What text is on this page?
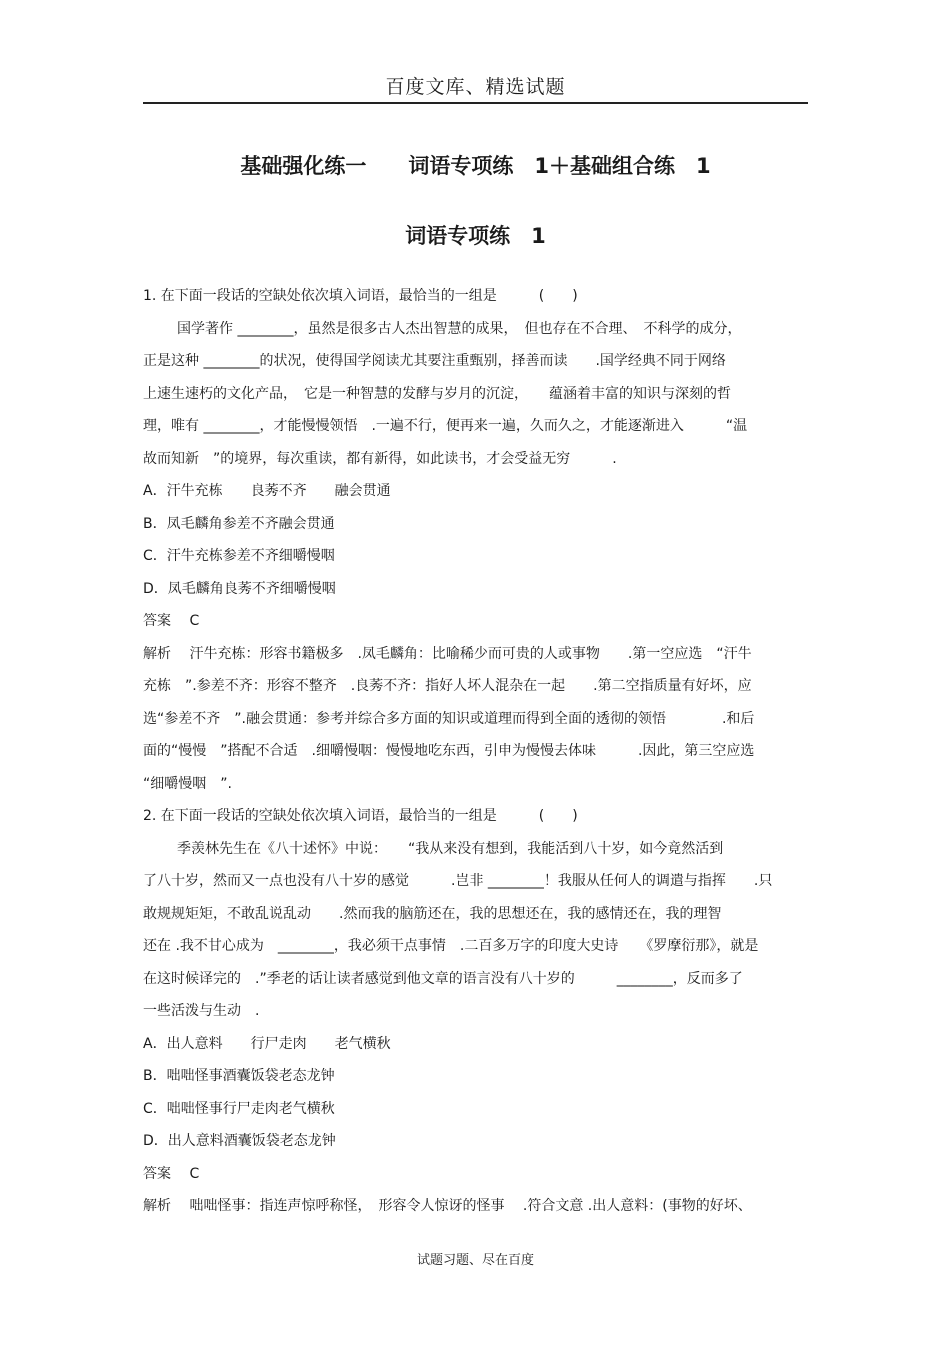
百度文库、精选试题
基础强化练一　　词语专项练　1＋基础组合练　1
词语专项练　1
1. 在下面一段话的空缺处依次填入词语，最恰当的一组是　　　(　　)
国学著作 ________，虽然是很多古人杰出智慧的成果，　但也存在不合理、　不科学的成分，
正是这种 ________的状况，使得国学阅读尤其要注重甄别，择善而读　　.国学经典不同于网络
上速生速朽的文化产品，　它是一种智慧的发酵与岁月的沉淀，　　蕴涵着丰富的知识与深刻的哲
理，唯有 ________，才能慢慢领悟　.一遍不行，便再来一遍，久而久之，才能逐渐进入　　　“温
故而知新　”的境界，每次重读，都有新得，如此读书，才会受益无穷　　　.
A．汗牛充栋　　良莠不齐　　融会贯通
B．凤毛麟角参差不齐融会贯通
C．汗牛充栋参差不齐细嚼慢咽
D．凤毛麟角良莠不齐细嚼慢咽
答案　 C
解析　 汗牛充栋：形容书籍极多　.凤毛麟角：比喻稀少而可贵的人或事物　　.第一空应选　“汗牛
充栋　”.参差不齐：形容不整齐　.良莠不齐：指好人坏人混杂在一起　　.第二空指质量有好坏，应
选“参差不齐　”.融会贯通：参考并综合多方面的知识或道理而得到全面的透彻的领悟　　　　.和后
面的“慢慢　”搭配不合适　.细嚼慢咽：慢慢地吃东西，引申为慢慢去体味　　　.因此，第三空应选
“细嚼慢咽　”.
2. 在下面一段话的空缺处依次填入词语，最恰当的一组是　　　(　　)
季羡林先生在《八十述怀》中说：　　“我从来没有想到，我能活到八十岁，如今竟然活到
了八十岁，然而又一点也没有八十岁的感觉　　　.岂非 ________！我服从任何人的调遣与指挥　　.只
敢规规矩矩，不敢乱说乱动　　.然而我的脑筋还在，我的思想还在，我的感情还在，我的理智
还在 .我不甘心成为　________，我必须干点事情　.二百多万字的印度大史诗　　《罗摩衍那》，就是
在这时候译完的　.”季老的话让读者感觉到他文章的语言没有八十岁的　　　________，反而多了
一些活泼与生动　.
A．出人意料　　行尸走肉　　老气横秋
B．咄咄怪事酒囊饭袋老态龙钟
C．咄咄怪事行尸走肉老气横秋
D．出人意料酒囊饭袋老态龙钟
答案　 C
解析　 咄咄怪事：指连声惊呼称怪，　形容令人惊讶的怪事　 .符合文意 .出人意料：(事物的好坏、
试题习题、尽在百度
